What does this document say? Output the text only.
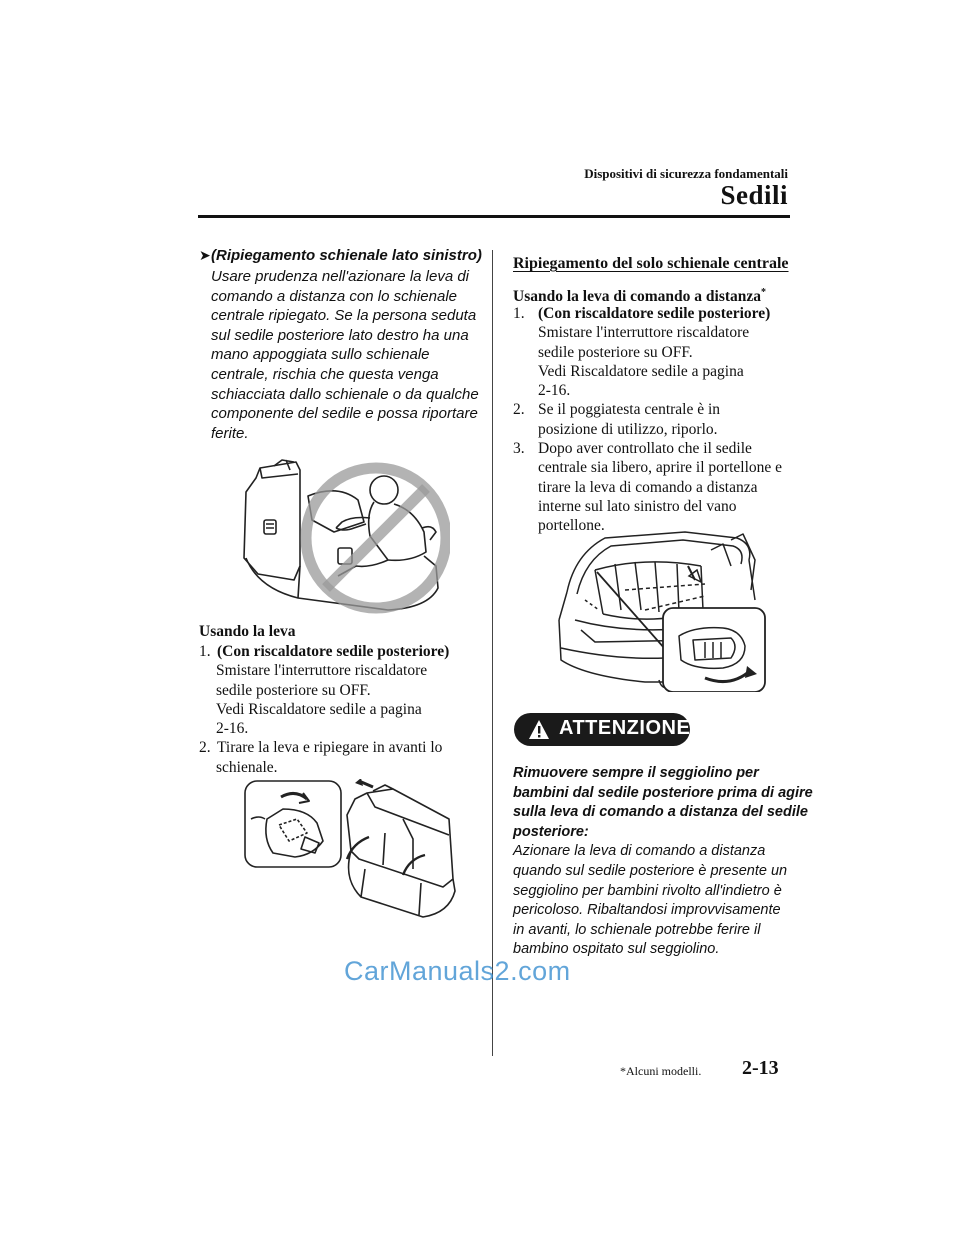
Dispositivi di sicurezza fondamentali
Sedili
➤ (Ripiegamento schienale lato sinistro)
Usare prudenza nell'azionare la leva di
comando a distanza con lo schienale
centrale ripiegato. Se la persona seduta
sul sedile posteriore lato destro ha una
mano appoggiata sullo schienale
centrale, rischia che questa venga
schiacciata dallo schienale o da qualche
componente del sedile e possa riportare
ferite.
Usando la leva
1. (Con riscaldatore sedile posteriore)
Smistare l'interruttore riscaldatore
sedile posteriore su OFF.
Vedi Riscaldatore sedile a pagina
2-16.
2. Tirare la leva e ripiegare in avanti lo
schienale.
Ripiegamento del solo schienale centrale
Usando la leva di comando a distanza*
1. (Con riscaldatore sedile posteriore)
Smistare l'interruttore riscaldatore
sedile posteriore su OFF.
Vedi Riscaldatore sedile a pagina
2-16.
2. Se il poggiatesta centrale è in
posizione di utilizzo, riporlo.
3. Dopo aver controllato che il sedile
centrale sia libero, aprire il portellone e
tirare la leva di comando a distanza
interne sul lato sinistro del vano
portellone.
ATTENZIONE
Rimuovere sempre il seggiolino per
bambini dal sedile posteriore prima di agire
sulla leva di comando a distanza del sedile
posteriore:
Azionare la leva di comando a distanza
quando sul sedile posteriore è presente un
seggiolino per bambini rivolto all'indietro è
pericoloso. Ribaltandosi improvvisamente
in avanti, lo schienale potrebbe ferire il
bambino ospitato sul seggiolino.
CarManuals2.com
*Alcuni modelli. 2-13
